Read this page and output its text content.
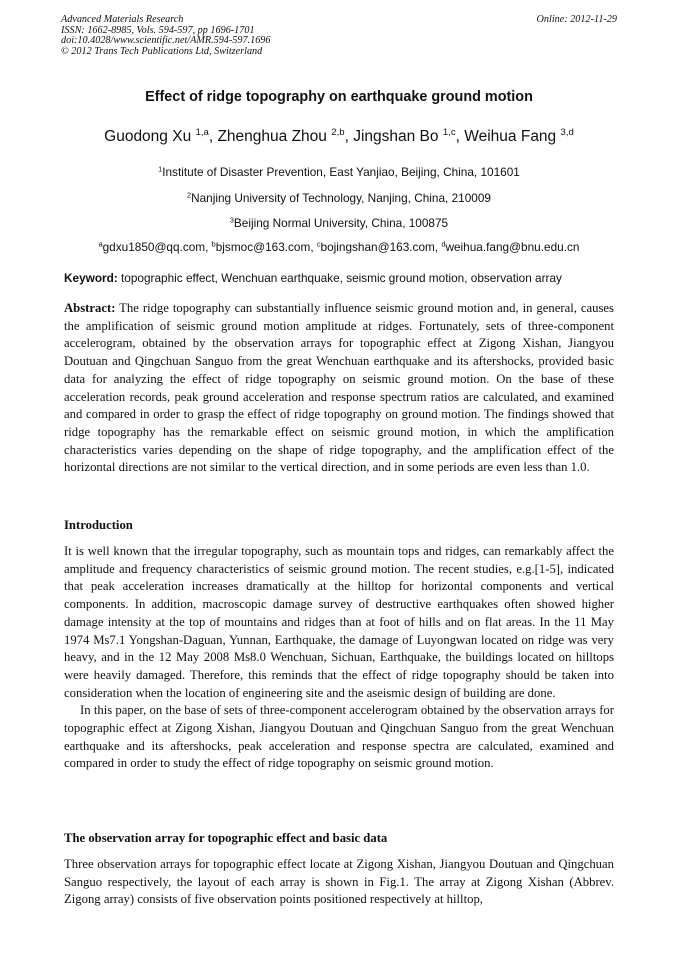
Advanced Materials Research
ISSN: 1662-8985, Vols. 594-597, pp 1696-1701
doi:10.4028/www.scientific.net/AMR.594-597.1696
© 2012 Trans Tech Publications Ltd, Switzerland
Online: 2012-11-29
Effect of ridge topography on earthquake ground motion
Guodong Xu $^{1,a}$, Zhenghua Zhou $^{2,b}$, Jingshan Bo $^{1,c}$, Weihua Fang $^{3,d}$
$^1$Institute of Disaster Prevention, East Yanjiao, Beijing, China, 101601
$^2$Nanjing University of Technology, Nanjing, China, 210009
$^3$Beijing Normal University, China, 100875
$^a$gdxu1850@qq.com, $^b$bjsmoc@163.com, $^c$bojingshan@163.com, $^d$weihua.fang@bnu.edu.cn
Keyword: topographic effect, Wenchuan earthquake, seismic ground motion, observation array
Abstract: The ridge topography can substantially influence seismic ground motion and, in general, causes the amplification of seismic ground motion amplitude at ridges. Fortunately, sets of three-component accelerogram, obtained by the observation arrays for topographic effect at Zigong Xishan, Jiangyou Doutuan and Qingchuan Sanguo from the great Wenchuan earthquake and its aftershocks, provided basic data for analyzing the effect of ridge topography on seismic ground motion. On the base of these acceleration records, peak ground acceleration and response spectrum ratios are calculated, and examined and compared in order to grasp the effect of ridge topography on ground motion. The findings showed that ridge topography has the remarkable effect on seismic ground motion, in which the amplification characteristics varies depending on the shape of ridge topography, and the amplification effect of the horizontal directions are not similar to the vertical direction, and in some periods are even less than 1.0.
Introduction
It is well known that the irregular topography, such as mountain tops and ridges, can remarkably affect the amplitude and frequency characteristics of seismic ground motion. The recent studies, e.g.[1-5], indicated that peak acceleration increases dramatically at the hilltop for horizontal components and vertical components. In addition, macroscopic damage survey of destructive earthquakes often showed higher damage intensity at the top of mountains and ridges than at foot of hills and on flat areas. In the 11 May 1974 Ms7.1 Yongshan-Daguan, Yunnan, Earthquake, the damage of Luyongwan located on ridge was very heavy, and in the 12 May 2008 Ms8.0 Wenchuan, Sichuan, Earthquake, the buildings located on hilltops were heavily damaged. Therefore, this reminds that the effect of ridge topography should be taken into consideration when the location of engineering site and the aseismic design of building are done.
In this paper, on the base of sets of three-component accelerogram obtained by the observation arrays for topographic effect at Zigong Xishan, Jiangyou Doutuan and Qingchuan Sanguo from the great Wenchuan earthquake and its aftershocks, peak acceleration and response spectra are calculated, examined and compared in order to study the effect of ridge topography on seismic ground motion.
The observation array for topographic effect and basic data
Three observation arrays for topographic effect locate at Zigong Xishan, Jiangyou Doutuan and Qingchuan Sanguo respectively, the layout of each array is shown in Fig.1. The array at Zigong Xishan (Abbrev. Zigong array) consists of five observation points positioned respectively at hilltop,
